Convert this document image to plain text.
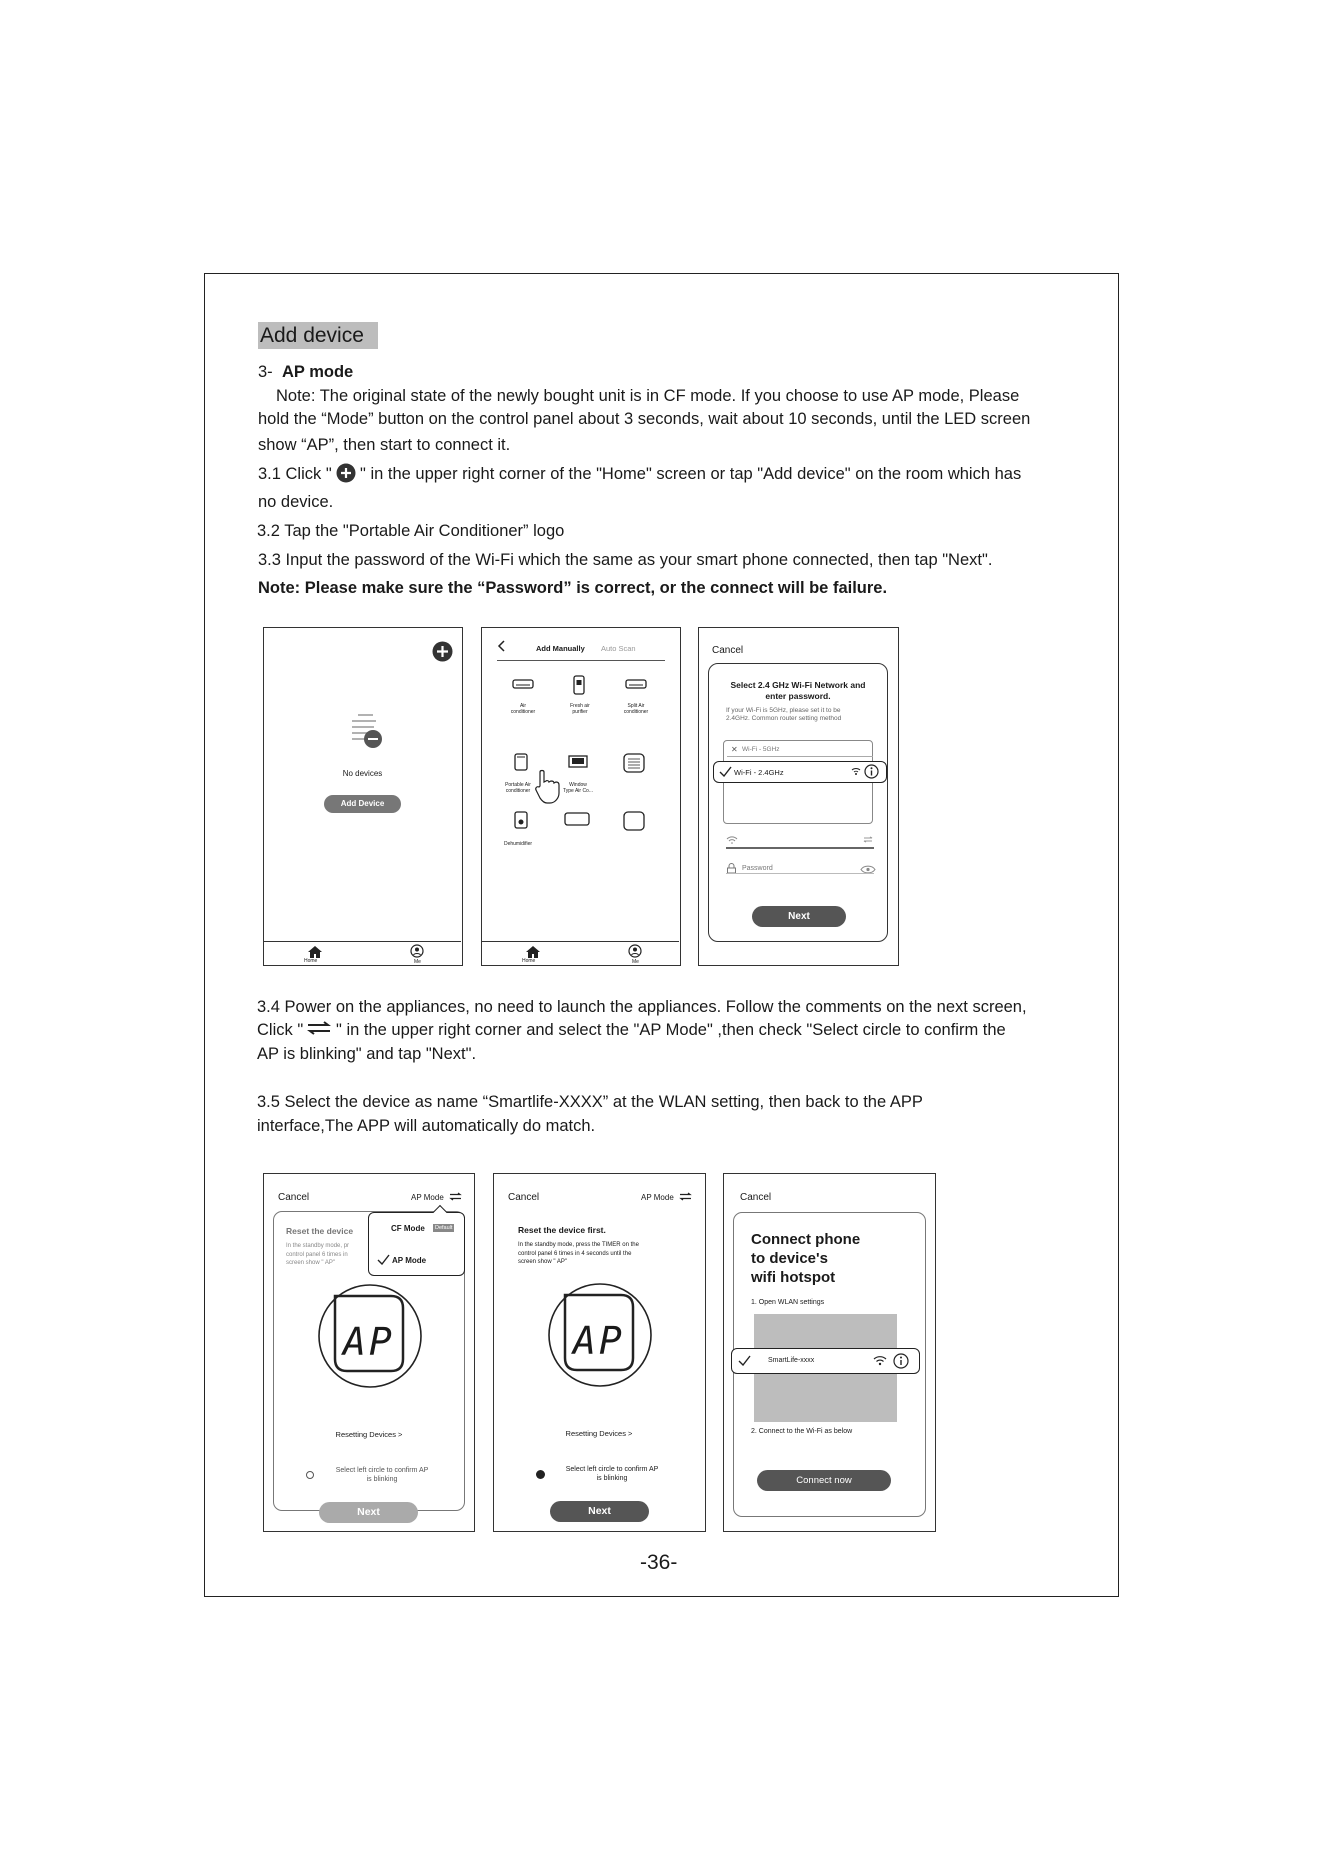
Add device
3- AP mode
Note: The original state of the newly bought unit is in CF mode. If you choose to use AP mode, Please
hold the “Mode” button on the control panel about 3 seconds, wait about 10 seconds, until the LED screen
show “AP”, then start to connect it.
3.1 Click " " in the upper right corner of the "Home" screen or tap "Add device" on the room which has
no device.
3.2 Tap the "Portable Air Conditioner” logo
3.3 Input the password of the Wi-Fi which the same as your smart phone connected, then tap "Next".
Note: Please make sure the “Password” is correct, or the connect will be failure.
No devices
Add Device
Home	Me
Add Manually Auto Scan
Air
conditioner
Fresh air
purifier
Split Air
conditioner
Portable Air
conditioner
Window
Type Air Co...
Dehumidifier
Home	Me
Cancel
Select 2.4 GHz Wi-Fi Network and
enter password.
If your Wi-Fi is 5GHz, please set it to be
2.4GHz. Common router setting method
✕ Wi-Fi - 5GHz
Wi-Fi - 2.4GHz
Password
Next
3.4 Power on the appliances, no need to launch the appliances. Follow the comments on the next screen,
Click " " in the upper right corner and select the "AP Mode" ,then check "Select circle to confirm the
AP is blinking" and tap "Next".
3.5 Select the device as name “Smartlife-XXXX” at the WLAN setting, then back to the APP
interface,The APP will automatically do match.
Cancel	AP Mode
Reset the device
In the standby mode, pr
control panel 6 times in
screen show " AP"
AP
Resetting Devices >
Select left circle to confirm AP
is blinking
Next
CF Mode	Default
AP Mode
Cancel	AP Mode
Reset the device first.
In the standby mode, press the TIMER on the
control panel 6 times in 4 seconds until the
screen show " AP"
AP
Resetting Devices >
Select left circle to confirm AP
is blinking
Next
Cancel
Connect phone
to device's
wifi hotspot
1. Open WLAN settings
SmartLife-xxxx
2. Connect to the Wi-Fi as below
Connect now
-36-
